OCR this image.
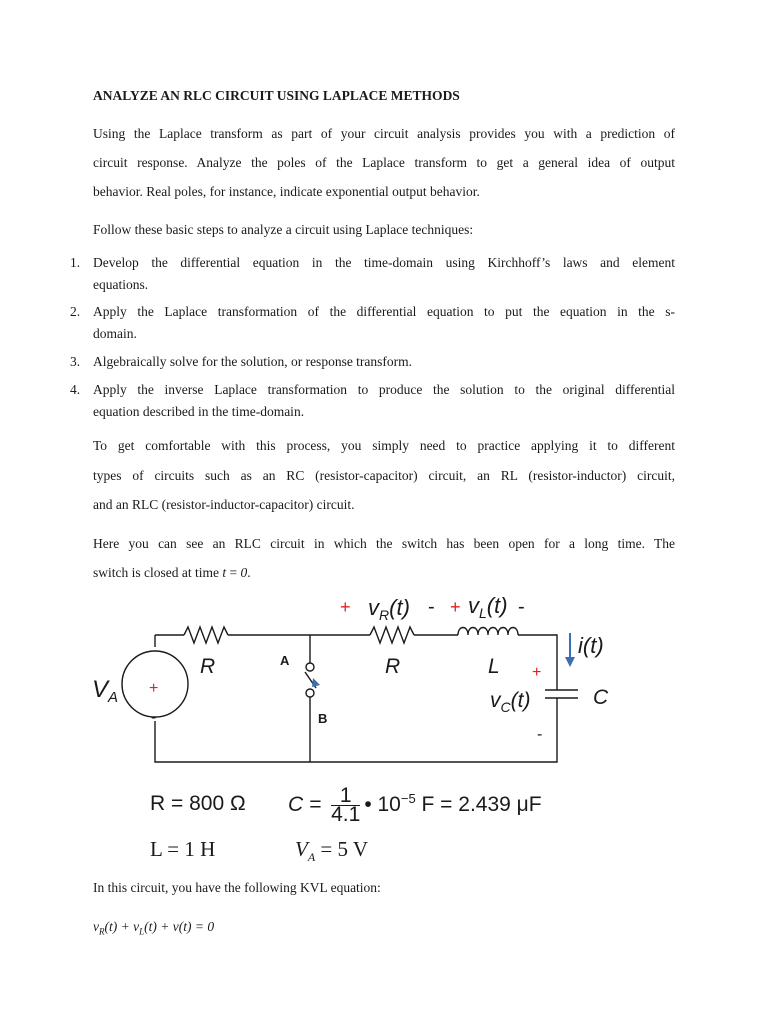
ANALYZE AN RLC CIRCUIT USING LAPLACE METHODS
Using the Laplace transform as part of your circuit analysis provides you with a prediction of
circuit response. Analyze the poles of the Laplace transform to get a general idea of output
behavior. Real poles, for instance, indicate exponential output behavior.
Follow these basic steps to analyze a circuit using Laplace techniques:
1. Develop the differential equation in the time-domain using Kirchhoff’s laws and element
equations.
2. Apply the Laplace transformation of the differential equation to put the equation in the s-
domain.
3. Algebraically solve for the solution, or response transform.
4. Apply the inverse Laplace transformation to produce the solution to the original differential
equation described in the time-domain.
To get comfortable with this process, you simply need to practice applying it to different
types of circuits such as an RC (resistor-capacitor) circuit, an RL (resistor-inductor) circuit,
and an RLC (resistor-inductor-capacitor) circuit.
Here you can see an RLC circuit in which the switch has been open for a long time. The
switch is closed at time t = 0.
+ $v_R(t)$ - + $v_L(t)$ -
i(t)
R	R	L
C
A
B
$V_A$
+
-
+
$v_C(t)$
-
R = 800 Ω $C = \frac{1}{4.1}$ • $10^{-5}$ F = 2.439 μF
L = 1 H	$V_A = 5$ V
In this circuit, you have the following KVL equation:
$v_R(t) + v_L(t) + v(t) = 0$
